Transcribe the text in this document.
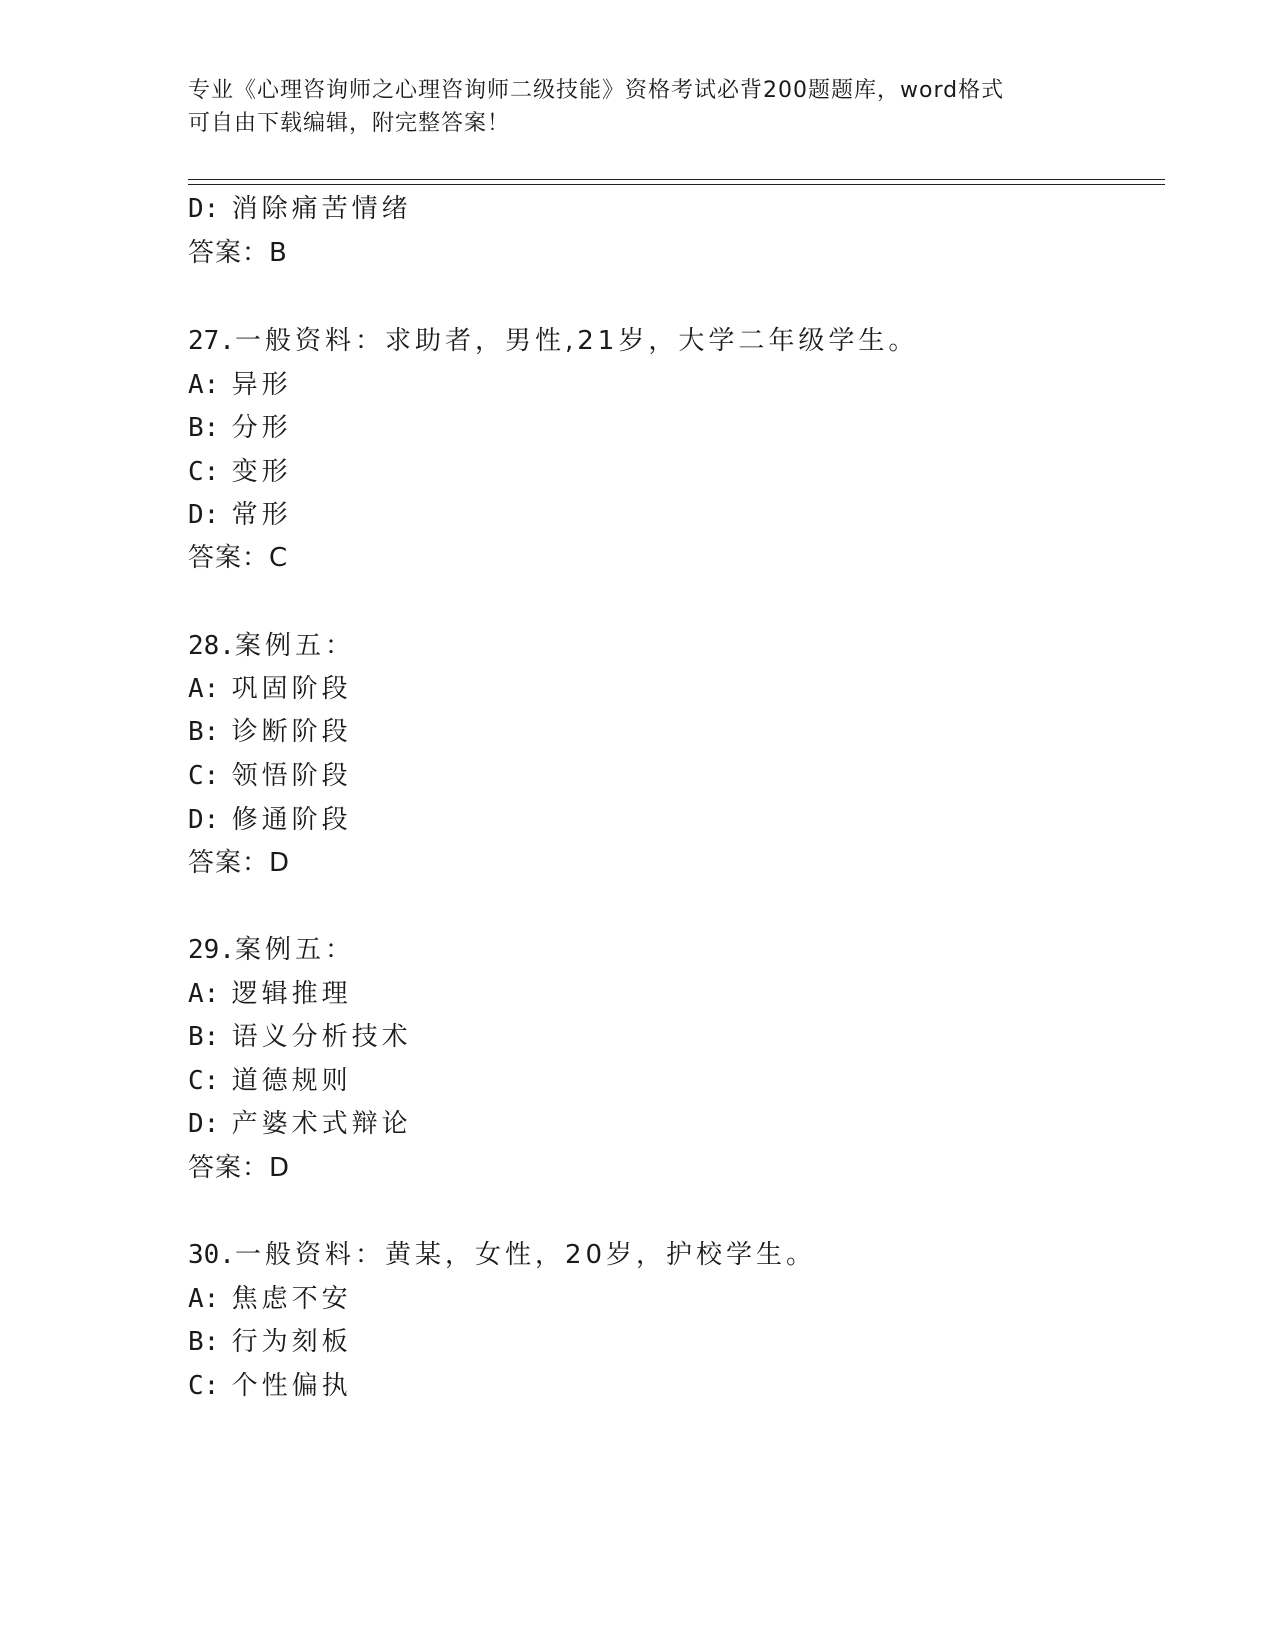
专业《心理咨询师之心理咨询师二级技能》资格考试必背200题题库，word格式
可自由下载编辑，附完整答案！
D: 消除痛苦情绪
答案：B
27.一般资料：求助者，男性,21岁，大学二年级学生。
A: 异形
B: 分形
C: 变形
D: 常形
答案：C
28.案例五：
A: 巩固阶段
B: 诊断阶段
C: 领悟阶段
D: 修通阶段
答案：D
29.案例五：
A: 逻辑推理
B: 语义分析技术
C: 道德规则
D: 产婆术式辩论
答案：D
30.一般资料：黄某，女性，20岁，护校学生。
A: 焦虑不安
B: 行为刻板
C: 个性偏执
